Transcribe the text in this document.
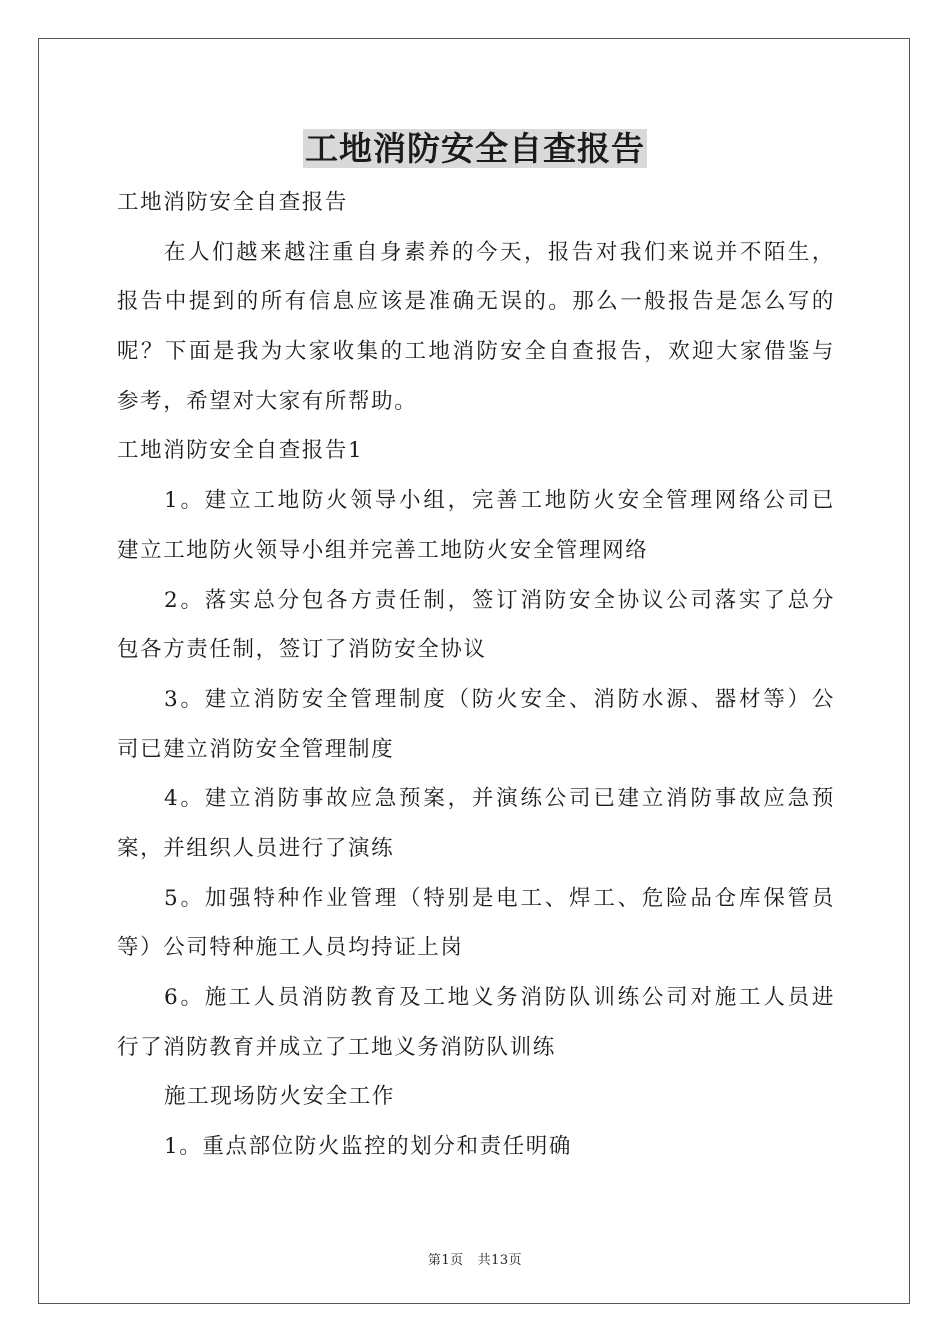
工地消防安全自查报告
工地消防安全自查报告
在人们越来越注重自身素养的今天，报告对我们来说并不陌生，
报告中提到的所有信息应该是准确无误的。那么一般报告是怎么写的
呢？下面是我为大家收集的工地消防安全自查报告，欢迎大家借鉴与
参考，希望对大家有所帮助。
工地消防安全自查报告1
1。建立工地防火领导小组，完善工地防火安全管理网络公司已
建立工地防火领导小组并完善工地防火安全管理网络
2。落实总分包各方责任制，签订消防安全协议公司落实了总分
包各方责任制，签订了消防安全协议
3。建立消防安全管理制度（防火安全、消防水源、器材等）公
司已建立消防安全管理制度
4。建立消防事故应急预案，并演练公司已建立消防事故应急预
案，并组织人员进行了演练
5。加强特种作业管理（特别是电工、焊工、危险品仓库保管员
等）公司特种施工人员均持证上岗
6。施工人员消防教育及工地义务消防队训练公司对施工人员进
行了消防教育并成立了工地义务消防队训练
施工现场防火安全工作
1。重点部位防火监控的划分和责任明确
第1页 共13页
